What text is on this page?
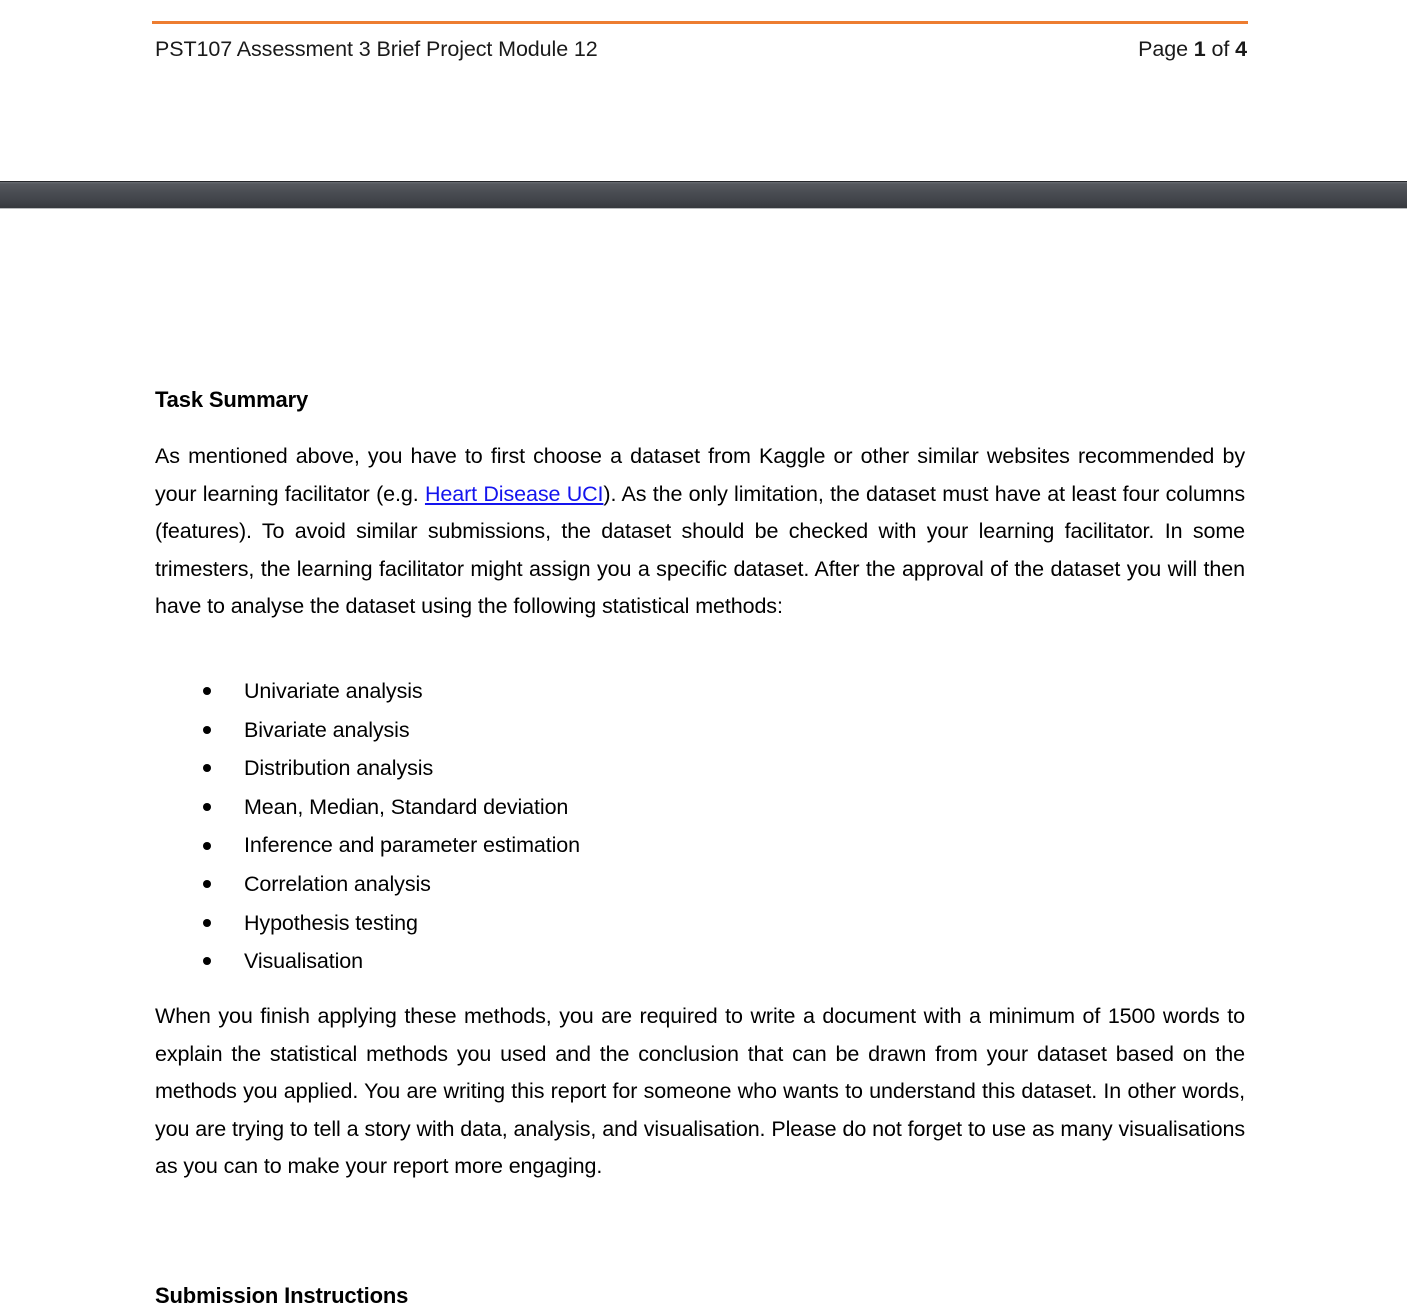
PST107 Assessment 3 Brief Project Module 12	Page 1 of 4
Task Summary

As mentioned above, you have to first choose a dataset from Kaggle or other similar websites recommended by your learning facilitator (e.g. Heart Disease UCI). As the only limitation, the dataset must have at least four columns (features). To avoid similar submissions, the dataset should be checked with your learning facilitator. In some trimesters, the learning facilitator might assign you a specific dataset. After the approval of the dataset you will then have to analyse the dataset using the following statistical methods:

Univariate analysis
Bivariate analysis
Distribution analysis
Mean, Median, Standard deviation
Inference and parameter estimation
Correlation analysis
Hypothesis testing
Visualisation

When you finish applying these methods, you are required to write a document with a minimum of 1500 words to explain the statistical methods you used and the conclusion that can be drawn from your dataset based on the methods you applied. You are writing this report for someone who wants to understand this dataset. In other words, you are trying to tell a story with data, analysis, and visualisation. Please do not forget to use as many visualisations as you can to make your report more engaging.

Submission Instructions
